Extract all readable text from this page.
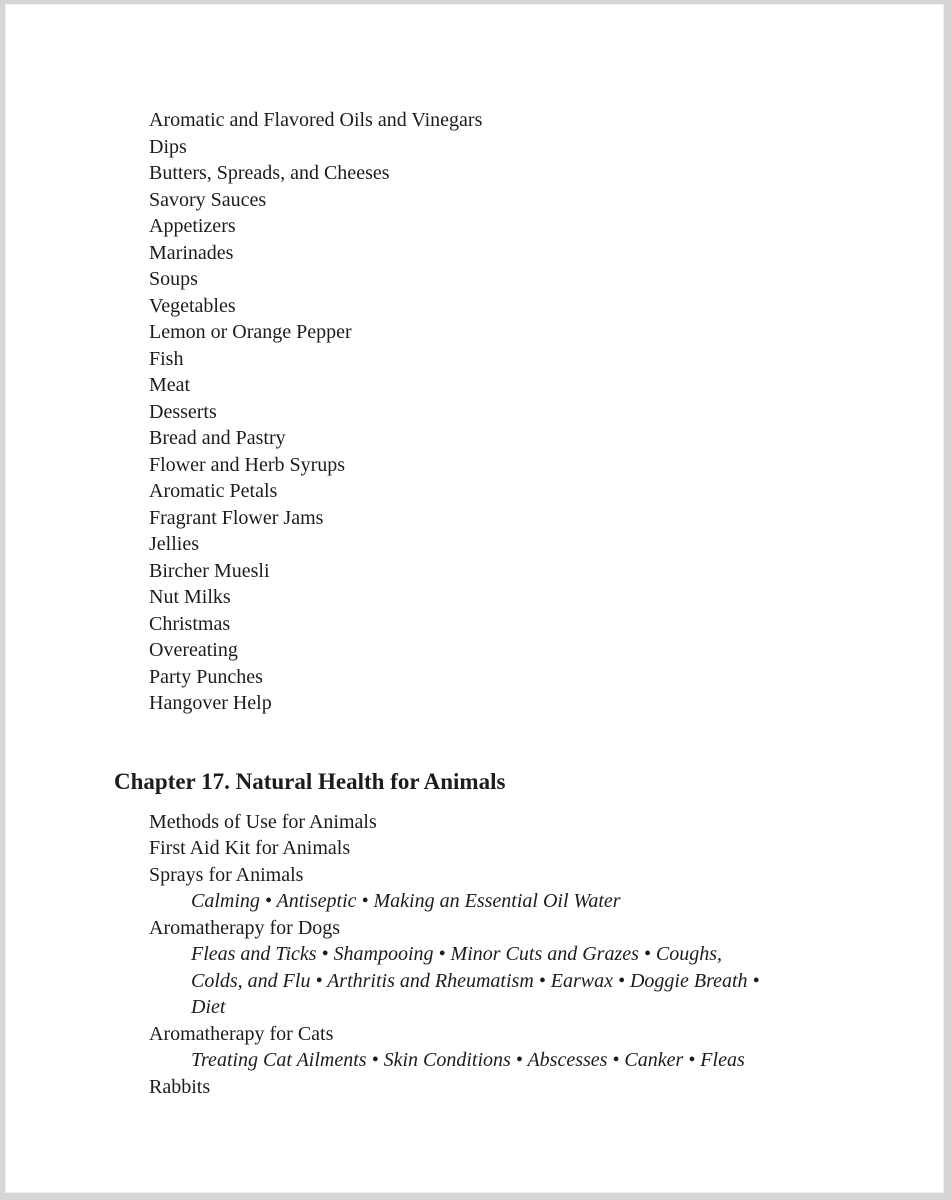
Aromatic and Flavored Oils and Vinegars
Dips
Butters, Spreads, and Cheeses
Savory Sauces
Appetizers
Marinades
Soups
Vegetables
Lemon or Orange Pepper
Fish
Meat
Desserts
Bread and Pastry
Flower and Herb Syrups
Aromatic Petals
Fragrant Flower Jams
Jellies
Bircher Muesli
Nut Milks
Christmas
Overeating
Party Punches
Hangover Help
Chapter 17. Natural Health for Animals
Methods of Use for Animals
First Aid Kit for Animals
Sprays for Animals
Calming • Antiseptic • Making an Essential Oil Water
Aromatherapy for Dogs
Fleas and Ticks • Shampooing • Minor Cuts and Grazes • Coughs,
Colds, and Flu • Arthritis and Rheumatism • Earwax • Doggie Breath •
Diet
Aromatherapy for Cats
Treating Cat Ailments • Skin Conditions • Abscesses • Canker • Fleas
Rabbits
